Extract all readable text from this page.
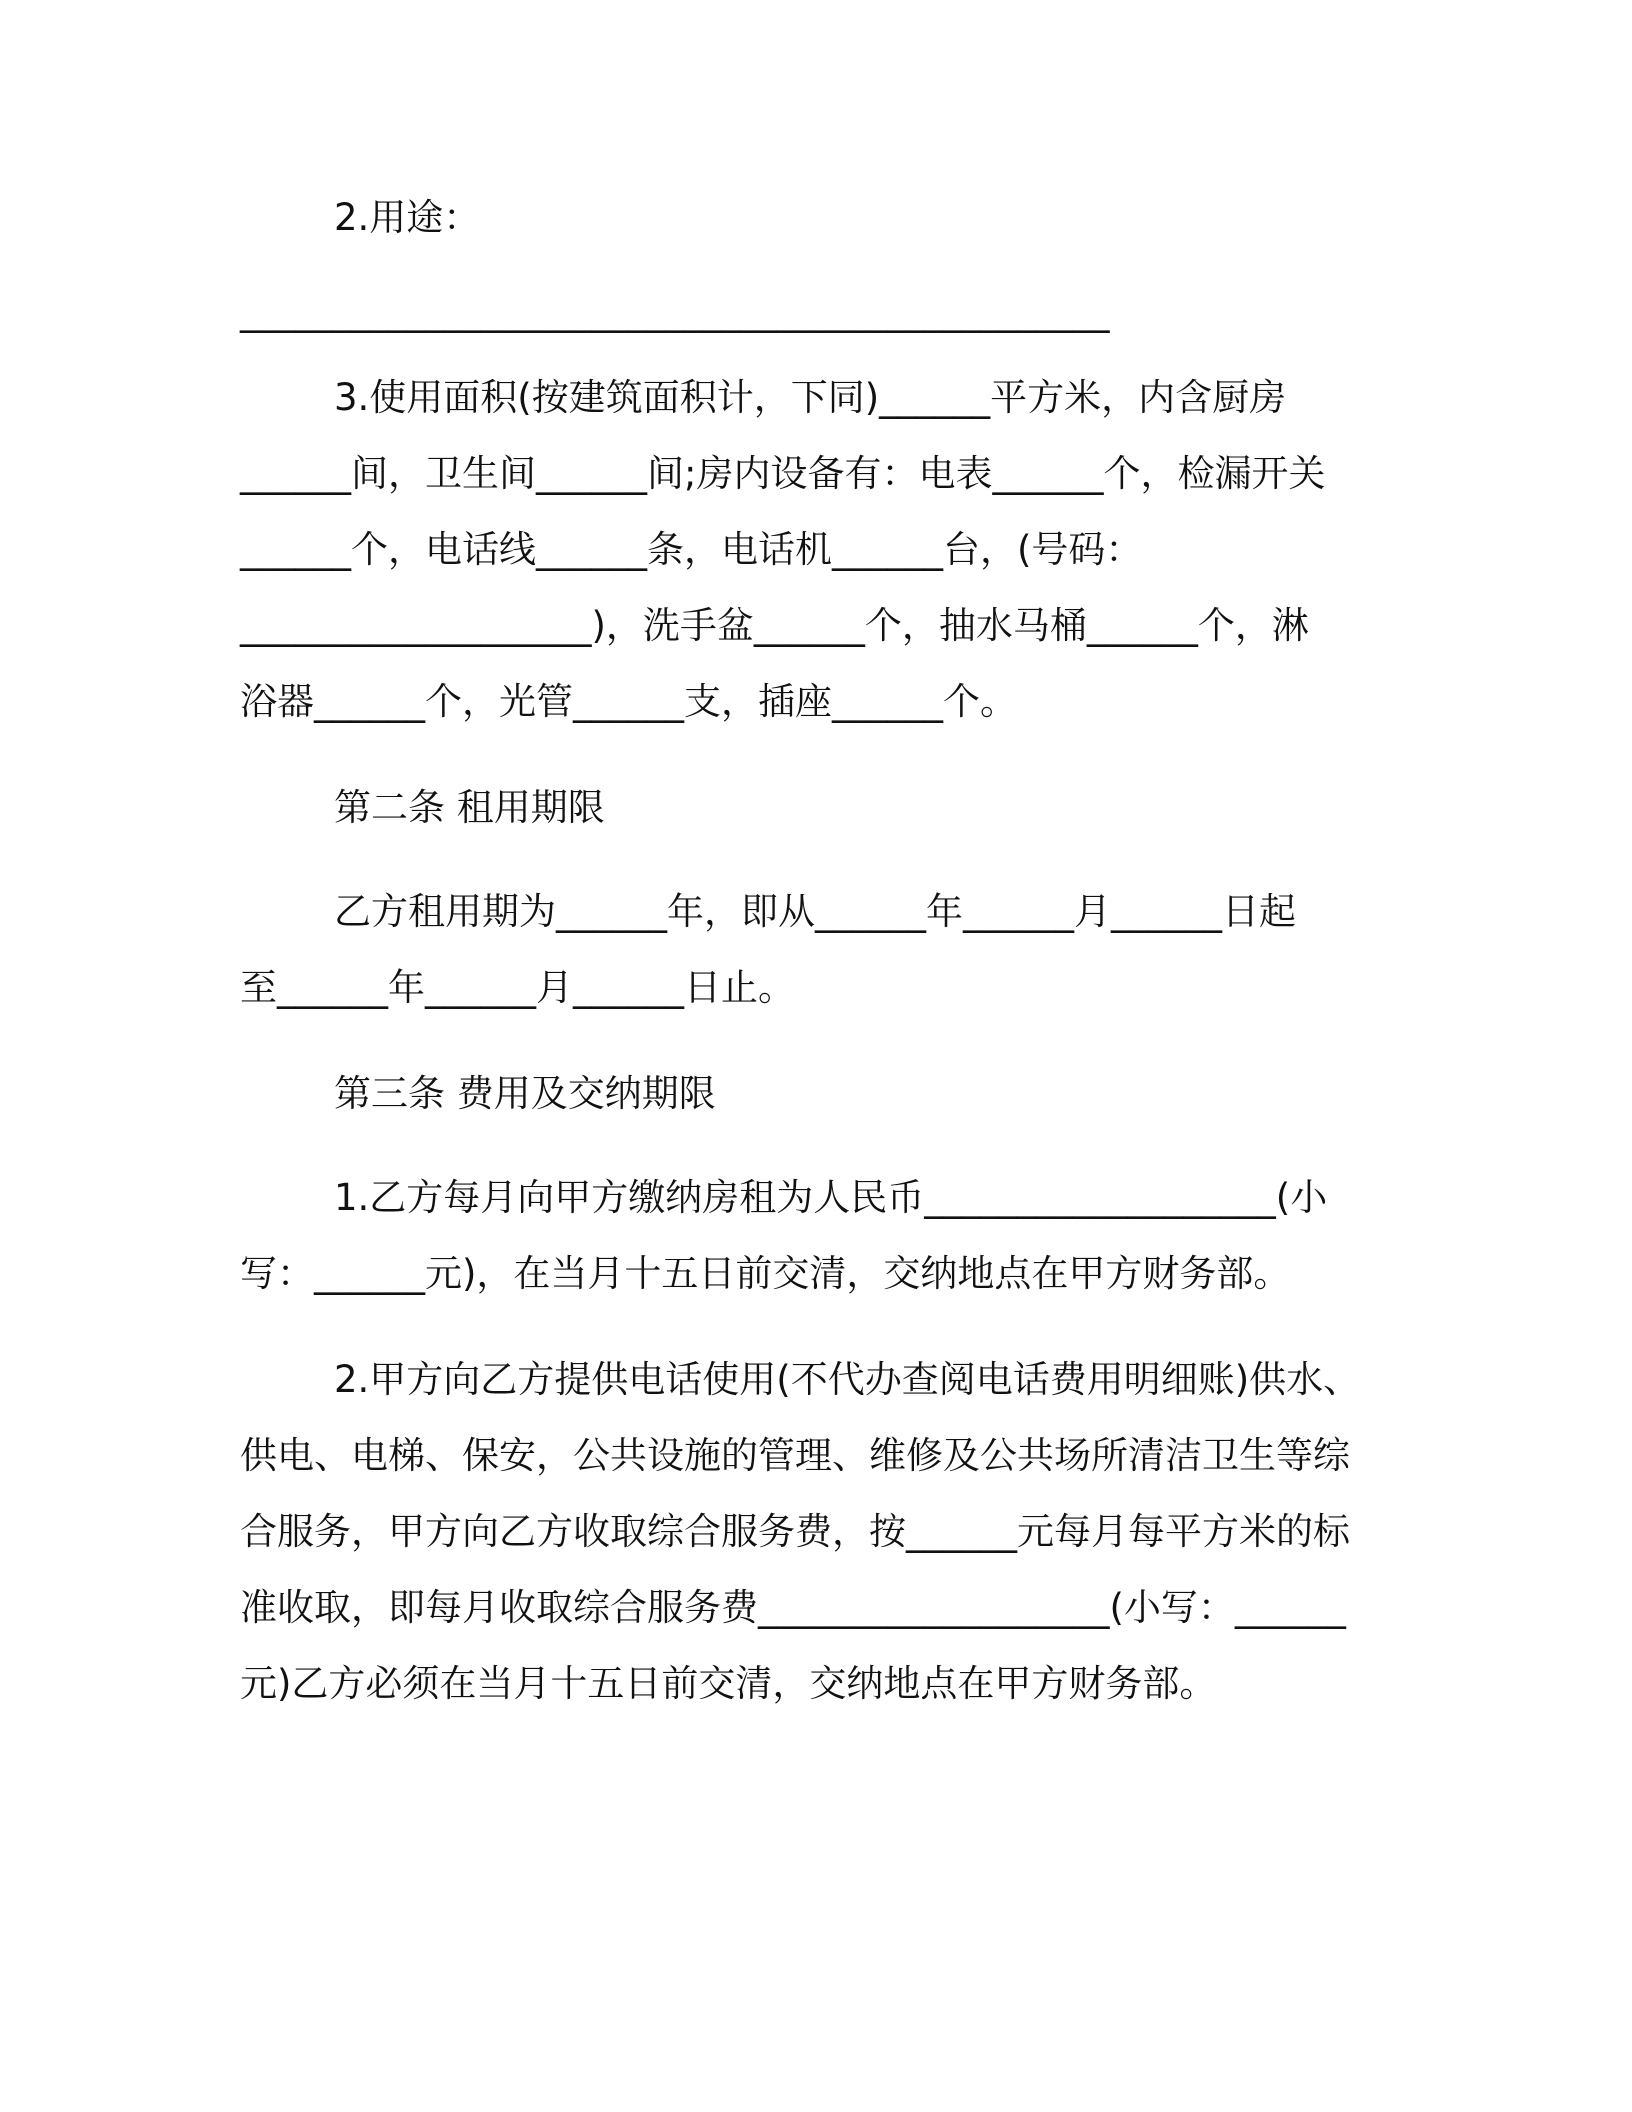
2.用途：
_______________________________________________
3.使用面积(按建筑面积计，下同)______平方米，内含厨房
______间，卫生间______间;房内设备有：电表______个，检漏开关
______个，电话线______条，电话机______台，(号码：
___________________)，洗手盆______个，抽水马桶______个，淋
浴器______个，光管______支，插座______个。
第二条 租用期限
乙方租用期为______年，即从______年______月______日起
至______年______月______日止。
第三条 费用及交纳期限
1.乙方每月向甲方缴纳房租为人民币___________________(小
写：______元)，在当月十五日前交清，交纳地点在甲方财务部。
2.甲方向乙方提供电话使用(不代办查阅电话费用明细账)供水、
供电、电梯、保安，公共设施的管理、维修及公共场所清洁卫生等综
合服务，甲方向乙方收取综合服务费，按______元每月每平方米的标
准收取，即每月收取综合服务费___________________(小写：______
元)乙方必须在当月十五日前交清，交纳地点在甲方财务部。
